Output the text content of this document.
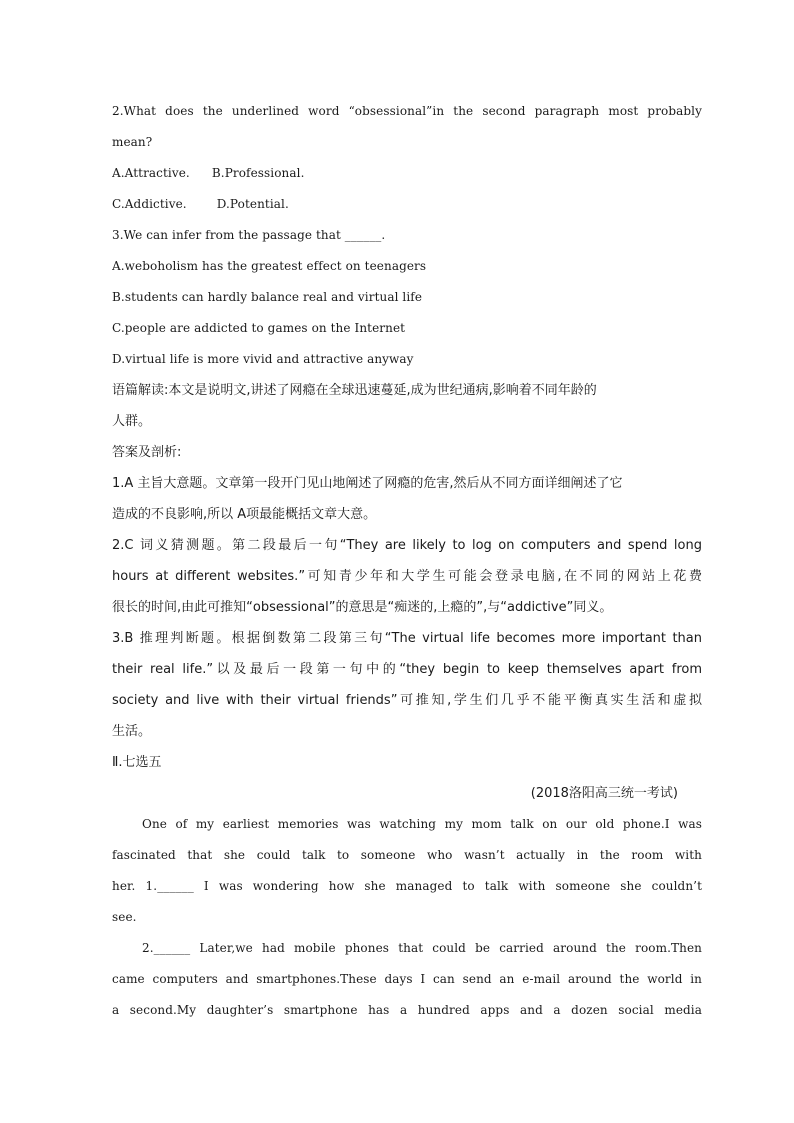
2.What does the underlined word “obsessional”in the second paragraph most probably
mean?
A.Attractive. B.Professional.
C.Addictive.	D.Potential.
3.We can infer from the passage that ______.
A.weboholism has the greatest effect on teenagers
B.students can hardly balance real and virtual life
C.people are addicted to games on the Internet
D.virtual life is more vivid and attractive anyway
语篇解读:本文是说明文,讲述了网瘾在全球迅速蔓延,成为世纪通病,影响着不同年龄的
人群。
答案及剖析:
1.A 主旨大意题。文章第一段开门见山地阐述了网瘾的危害,然后从不同方面详细阐述了它
造成的不良影响,所以 A项最能概括文章大意。
2.C 词义猜测题。第二段最后一句“They are likely to log on computers and spend long
hours at different websites.”可知青少年和大学生可能会登录电脑,在不同的网站上花费
很长的时间,由此可推知“obsessional”的意思是“痴迷的,上瘾的”,与“addictive”同义。
3.B 推理判断题。根据倒数第二段第三句“The virtual life becomes more important than
their real life.”以及最后一段第一句中的“they begin to keep themselves apart from
society and live with their virtual friends”可推知,学生们几乎不能平衡真实生活和虚拟
生活。
Ⅱ.七选五
(2018洛阳高三统一考试)
One of my earliest memories was watching my mom talk on our old phone.I was
fascinated that she could talk to someone who wasn’t actually in the room with
her. 1.______ I was wondering how she managed to talk with someone she couldn’t
see.
2.______ Later,we had mobile phones that could be carried around the room.Then
came computers and smartphones.These days I can send an e-mail around the world in
a second.My daughter’s smartphone has a hundred apps and a dozen social media
